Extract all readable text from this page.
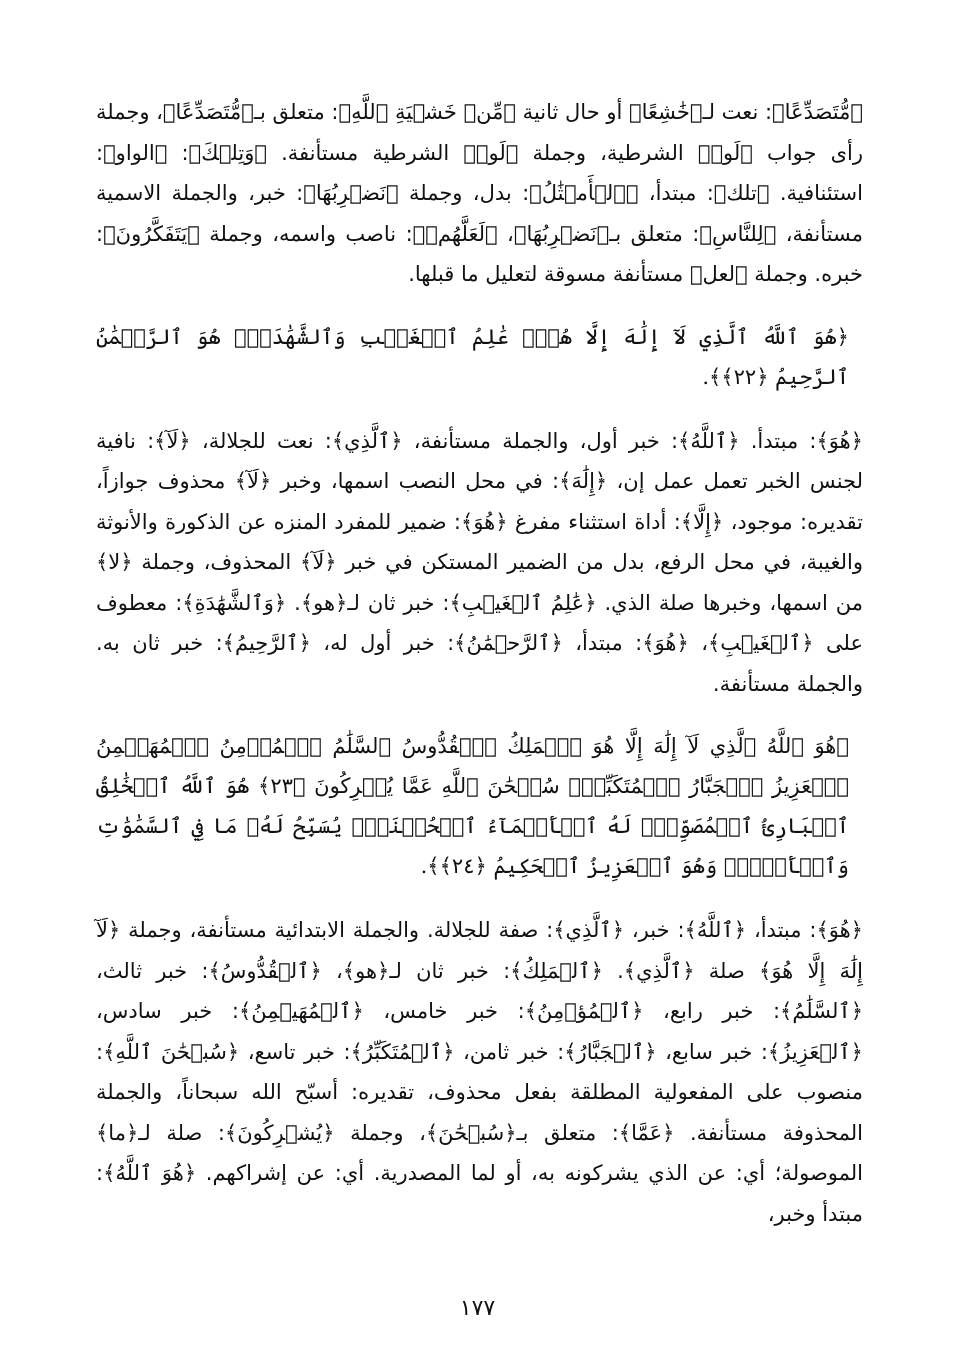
﴿مُّتَصَدِّعًا﴾: نعت لـ﴿خَٰشِعًا﴾ أو حال ثانية ﴿مِّنۡ خَشۡيَةِ ٱللَّهِ﴾: متعلق بـ﴿مُّتَصَدِّعًا﴾، وجملة رأى جواب ﴿لَوۡ﴾ الشرطية، وجملة ﴿لَوۡ﴾ الشرطية مستأنفة. ﴿وَتِلۡكَ﴾: ﴿الواو﴾: استئنافية. ﴿تلك﴾: مبتدأ، ﴿ٱلۡأَمۡثَٰلُ﴾: بدل، وجملة ﴿نَضۡرِبُهَا﴾: خبر، والجملة الاسمية مستأنفة، ﴿لِلنَّاسِ﴾: متعلق بـ﴿نَضۡرِبُهَا﴾، ﴿لَعَلَّهُمۡ﴾: ناصب واسمه، وجملة ﴿يَتَفَكَّرُونَ﴾: خبره. وجملة ﴿لعل﴾ مستأنفة مسوقة لتعليل ما قبلها.

﴿هُوَ ٱللَّهُ ٱلَّذِي لَآ إِلَٰهَ إِلَّا هُوَۖ عَٰلِمُ ٱلۡغَيۡبِ وَٱلشَّهَٰدَةِۖ هُوَ ٱلرَّحۡمَٰنُ ٱلرَّحِيمُ ﴿٢٢﴾﴾.

﴿هُوَ﴾: مبتدأ. ﴿ٱللَّهُ﴾: خبر أول، والجملة مستأنفة، ﴿ٱلَّذِي﴾: نعت للجلالة، ﴿لَآ﴾: نافية لجنس الخبر تعمل عمل إن، ﴿إِلَٰهَ﴾: في محل النصب اسمها، وخبر ﴿لَآ﴾ محذوف جوازاً، تقديره: موجود، ﴿إِلَّا﴾: أداة استثناء مفرغ ﴿هُوَ﴾: ضمير للمفرد المنزه عن الذكورة والأنوثة والغيبة، في محل الرفع، بدل من الضمير المستكن في خبر ﴿لَآ﴾ المحذوف، وجملة ﴿لا﴾ من اسمها، وخبرها صلة الذي. ﴿عَٰلِمُ ٱلۡغَيۡبِ﴾: خبر ثان لـ﴿هو﴾. ﴿وَٱلشَّهَٰدَةِ﴾: معطوف على ﴿ٱلۡغَيۡبِ﴾، ﴿هُوَ﴾: مبتدأ، ﴿ٱلرَّحۡمَٰنُ﴾: خبر أول له، ﴿ٱلرَّحِيمُ﴾: خبر ثان به. والجملة مستأنفة.

﴿هُوَ ٱللَّهُ ٱلَّذِي لَآ إِلَٰهَ إِلَّا هُوَ ٱلۡمَلِكُ ٱلۡقُدُّوسُ ٱلسَّلَٰمُ ٱلۡمُؤۡمِنُ ٱلۡمُهَيۡمِنُ ٱلۡعَزِيزُ ٱلۡجَبَّارُ ٱلۡمُتَكَبِّرُۚ سُبۡحَٰنَ ٱللَّهِ عَمَّا يُشۡرِكُونَ ﴿٢٣﴾ هُوَ ٱللَّهُ ٱلۡخَٰلِقُ ٱلۡبَارِئُ ٱلۡمُصَوِّرُۖ لَهُ ٱلۡأَسۡمَآءُ ٱلۡحُسۡنَىٰۚ يُسَبِّحُ لَهُۥ مَا فِي ٱلسَّمَٰوَٰتِ وَٱلۡأَرۡضِۖ وَهُوَ ٱلۡعَزِيزُ ٱلۡحَكِيمُ ﴿٢٤﴾﴾.

﴿هُوَ﴾: مبتدأ، ﴿ٱللَّهُ﴾: خبر، ﴿ٱلَّذِي﴾: صفة للجلالة. والجملة الابتدائية مستأنفة، وجملة ﴿لَآ إِلَٰهَ إِلَّا هُوَ﴾ صلة ﴿ٱلَّذِي﴾. ﴿ٱلۡمَلِكُ﴾: خبر ثان لـ﴿هو﴾، ﴿ٱلۡقُدُّوسُ﴾: خبر ثالث، ﴿ٱلسَّلَٰمُ﴾: خبر رابع، ﴿ٱلۡمُؤۡمِنُ﴾: خبر خامس، ﴿ٱلۡمُهَيۡمِنُ﴾: خبر سادس، ﴿ٱلۡعَزِيزُ﴾: خبر سابع، ﴿ٱلۡجَبَّارُ﴾: خبر ثامن، ﴿ٱلۡمُتَكَبِّرُ﴾: خبر تاسع، ﴿سُبۡحَٰنَ ٱللَّهِ﴾: منصوب على المفعولية المطلقة بفعل محذوف، تقديره: أسبّح الله سبحاناً، والجملة المحذوفة مستأنفة. ﴿عَمَّا﴾: متعلق بـ﴿سُبۡحَٰنَ﴾، وجملة ﴿يُشۡرِكُونَ﴾: صلة لـ﴿ما﴾ الموصولة؛ أي: عن الذي يشركونه به، أو لما المصدرية. أي: عن إشراكهم. ﴿هُوَ ٱللَّهُ﴾: مبتدأ وخبر،

١٧٧
